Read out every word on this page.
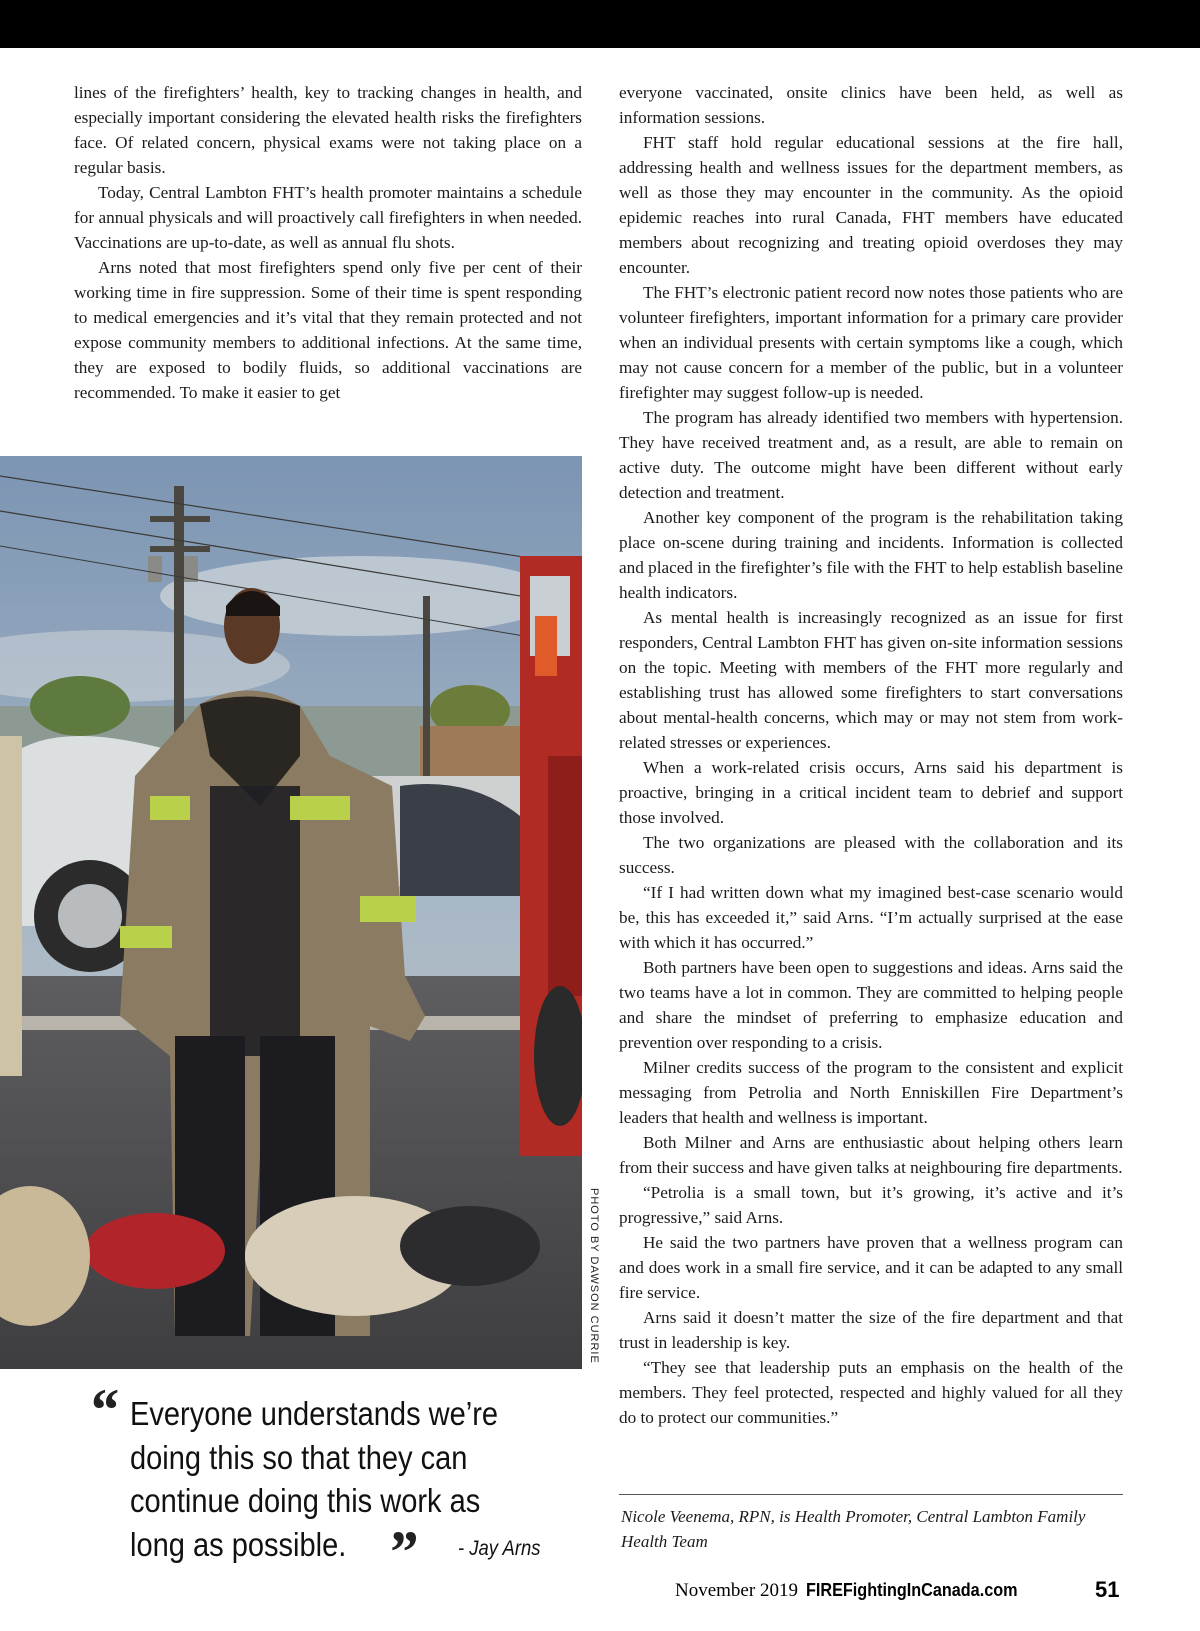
lines of the firefighters’ health, key to tracking changes in health, and especially important considering the elevated health risks the firefighters face. Of related concern, physical exams were not taking place on a regular basis.

Today, Central Lambton FHT’s health promoter maintains a schedule for annual physicals and will proactively call firefighters in when needed. Vaccinations are up-to-date, as well as annual flu shots.

Arns noted that most firefighters spend only five per cent of their working time in fire suppression. Some of their time is spent responding to medical emergencies and it’s vital that they remain protected and not expose community members to additional infections. At the same time, they are exposed to bodily fluids, so additional vaccinations are recommended. To make it easier to get

everyone vaccinated, onsite clinics have been held, as well as information sessions.

FHT staff hold regular educational sessions at the fire hall, addressing health and wellness issues for the department members, as well as those they may encounter in the community. As the opioid epidemic reaches into rural Canada, FHT members have educated members about recognizing and treating opioid overdoses they may encounter.

The FHT’s electronic patient record now notes those patients who are volunteer firefighters, important information for a primary care provider when an individual presents with certain symptoms like a cough, which may not cause concern for a member of the public, but in a volunteer firefighter may suggest follow-up is needed.

The program has already identified two members with hypertension. They have received treatment and, as a result, are able to remain on active duty. The outcome might have been different without early detection and treatment.

Another key component of the program is the rehabilitation taking place on-scene during training and incidents. Information is collected and placed in the firefighter’s file with the FHT to help establish baseline health indicators.

As mental health is increasingly recognized as an issue for first responders, Central Lambton FHT has given on-site information sessions on the topic. Meeting with members of the FHT more regularly and establishing trust has allowed some firefighters to start conversations about mental-health concerns, which may or may not stem from work-related stresses or experiences.

When a work-related crisis occurs, Arns said his department is proactive, bringing in a critical incident team to debrief and support those involved.

The two organizations are pleased with the collaboration and its success.

“If I had written down what my imagined best-case scenario would be, this has exceeded it,” said Arns. “I’m actually surprised at the ease with which it has occurred.”

Both partners have been open to suggestions and ideas. Arns said the two teams have a lot in common. They are committed to helping people and share the mindset of preferring to emphasize education and prevention over responding to a crisis.

Milner credits success of the program to the consistent and explicit messaging from Petrolia and North Enniskillen Fire Department’s leaders that health and wellness is important.

Both Milner and Arns are enthusiastic about helping others learn from their success and have given talks at neighbouring fire departments.

“Petrolia is a small town, but it’s growing, it’s active and it’s progressive,” said Arns.

He said the two partners have proven that a wellness program can and does work in a small fire service, and it can be adapted to any small fire service.

Arns said it doesn’t matter the size of the fire department and that trust in leadership is key.

“They see that leadership puts an emphasis on the health of the members. They feel protected, respected and highly valued for all they do to protect our communities.”

PHOTO BY DAWSON CURRIE
“ Everyone understands we’re doing this so that they can continue doing this work as long as possible. ” - Jay Arns
Nicole Veenema, RPN, is Health Promoter, Central Lambton Family Health Team
November 2019 FIREFightingInCanada.com	51
